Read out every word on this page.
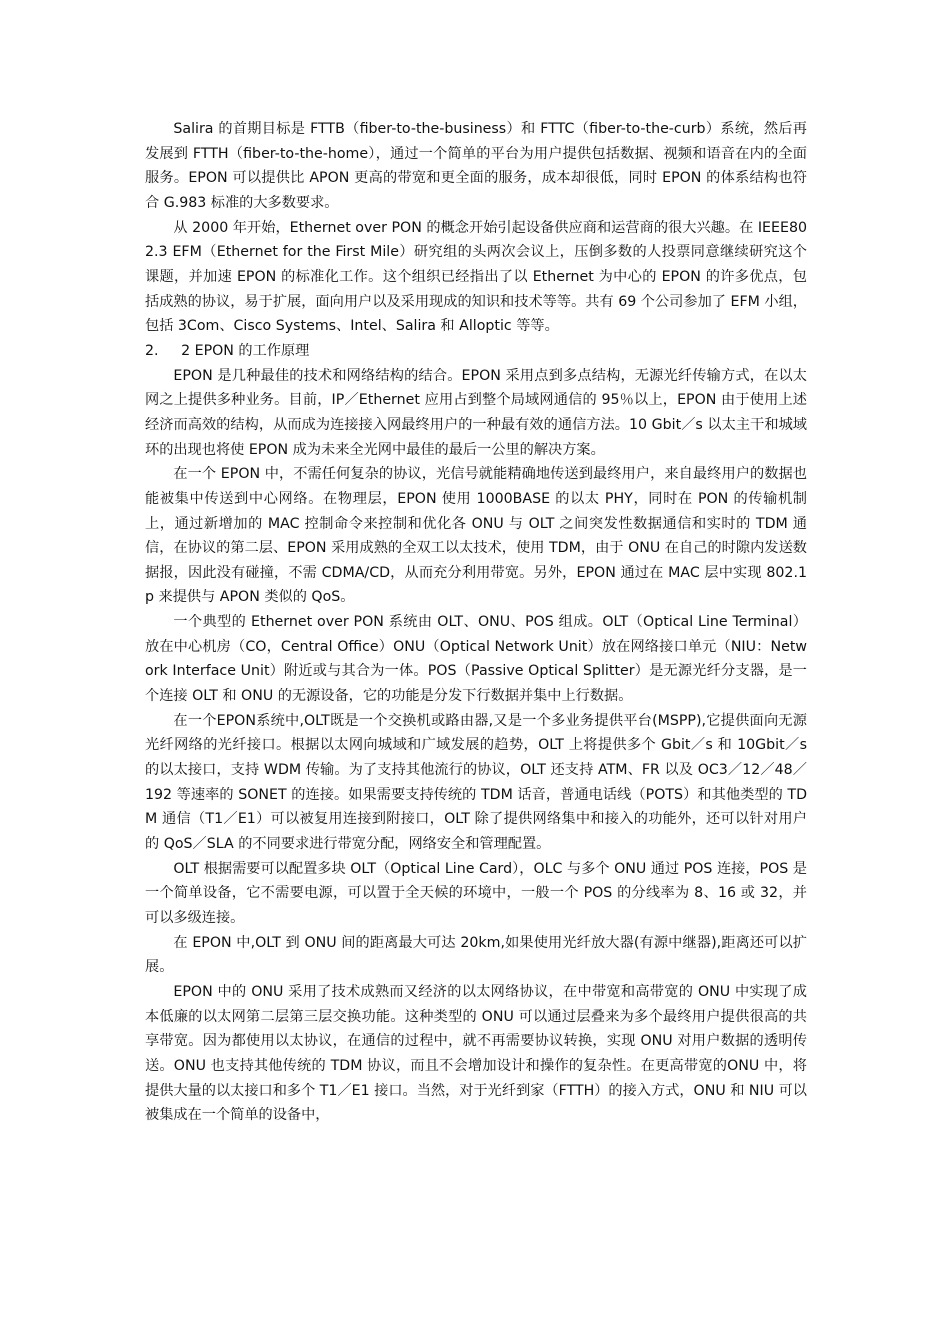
Salira 的首期目标是 FTTB（fiber-to-the-business）和 FTTC（fiber-to-the-curb）系统，然后再发展到 FTTH（fiber-to-the-home），通过一个简单的平台为用户提供包括数据、视频和语音在内的全面服务。EPON 可以提供比 APON 更高的带宽和更全面的服务，成本却很低，同时 EPON 的体系结构也符合 G.983 标准的大多数要求。

从 2000 年开始，Ethernet over PON 的概念开始引起设备供应商和运营商的很大兴趣。在 IEEE802.3 EFM（Ethernet for the First Mile）研究组的头两次会议上，压倒多数的人投票同意继续研究这个课题，并加速 EPON 的标准化工作。这个组织已经指出了以 Ethernet 为中心的 EPON 的许多优点，包括成熟的协议，易于扩展，面向用户以及采用现成的知识和技术等等。共有 69 个公司参加了 EFM 小组，包括 3Com、Cisco Systems、Intel、Salira 和 Alloptic 等等。

2.     2 EPON 的工作原理

EPON 是几种最佳的技术和网络结构的结合。EPON 采用点到多点结构，无源光纤传输方式，在以太网之上提供多种业务。目前，IP／Ethernet 应用占到整个局域网通信的 95％以上，EPON 由于使用上述经济而高效的结构，从而成为连接接入网最终用户的一种最有效的通信方法。10 Gbit／s 以太主干和城域环的出现也将使 EPON 成为未来全光网中最佳的最后一公里的解决方案。

在一个 EPON 中，不需任何复杂的协议，光信号就能精确地传送到最终用户，来自最终用户的数据也能被集中传送到中心网络。在物理层，EPON 使用 1000BASE 的以太 PHY，同时在 PON 的传输机制上，通过新增加的 MAC 控制命令来控制和优化各 ONU 与 OLT 之间突发性数据通信和实时的 TDM 通信，在协议的第二层、EPON 采用成熟的全双工以太技术，使用 TDM，由于 ONU 在自己的时隙内发送数据报，因此没有碰撞，不需 CDMA/CD，从而充分利用带宽。另外，EPON 通过在 MAC 层中实现 802.1p 来提供与 APON 类似的 QoS。

一个典型的 Ethernet over PON 系统由 OLT、ONU、POS 组成。OLT（Optical Line Terminal）放在中心机房（CO，Central Office）ONU（Optical Network Unit）放在网络接口单元（NIU：Network Interface Unit）附近或与其合为一体。POS（Passive Optical Splitter）是无源光纤分支器，是一个连接 OLT 和 ONU 的无源设备，它的功能是分发下行数据并集中上行数据。

在一个EPON系统中,OLT既是一个交换机或路由器,又是一个多业务提供平台(MSPP),它提供面向无源光纤网络的光纤接口。根据以太网向城域和广域发展的趋势，OLT 上将提供多个 Gbit／s 和 10Gbit／s 的以太接口，支持 WDM 传输。为了支持其他流行的协议，OLT 还支持 ATM、FR 以及 OC3／12／48／192 等速率的 SONET 的连接。如果需要支持传统的 TDM 话音，普通电话线（POTS）和其他类型的 TDM 通信（T1／E1）可以被复用连接到附接口，OLT 除了提供网络集中和接入的功能外，还可以针对用户的 QoS／SLA 的不同要求进行带宽分配，网络安全和管理配置。

OLT 根据需要可以配置多块 OLT（Optical Line Card），OLC 与多个 ONU 通过 POS 连接，POS 是一个简单设备，它不需要电源，可以置于全天候的环境中，一般一个 POS 的分线率为 8、16 或 32，并可以多级连接。

在 EPON 中,OLT 到 ONU 间的距离最大可达 20km,如果使用光纤放大器(有源中继器),距离还可以扩展。

EPON 中的 ONU 采用了技术成熟而又经济的以太网络协议，在中带宽和高带宽的 ONU 中实现了成本低廉的以太网第二层第三层交换功能。这种类型的 ONU 可以通过层叠来为多个最终用户提供很高的共享带宽。因为都使用以太协议，在通信的过程中，就不再需要协议转换，实现 ONU 对用户数据的透明传送。ONU 也支持其他传统的 TDM 协议，而且不会增加设计和操作的复杂性。在更高带宽的ONU 中，将提供大量的以太接口和多个 T1／E1 接口。当然，对于光纤到家（FTTH）的接入方式，ONU 和 NIU 可以被集成在一个简单的设备中，
